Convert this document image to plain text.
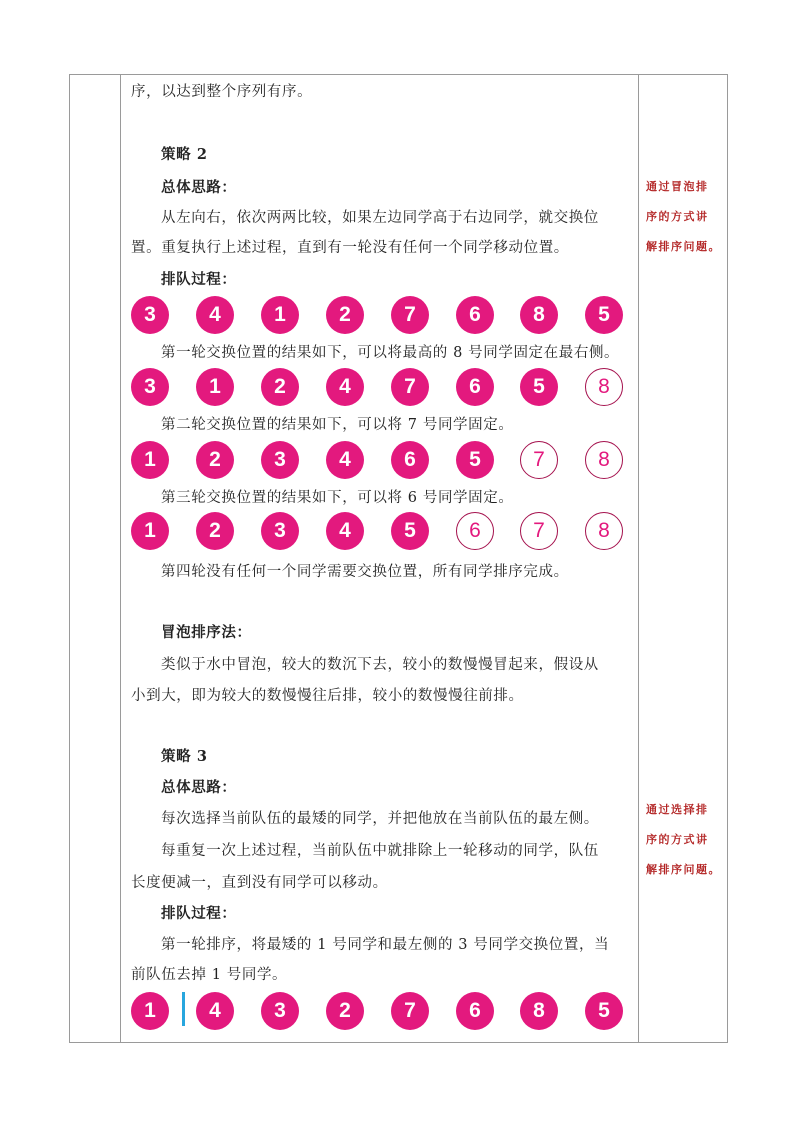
序，以达到整个序列有序。
策略 2
总体思路：
从左向右，依次两两比较，如果左边同学高于右边同学，就交换位
置。重复执行上述过程，直到有一轮没有任何一个同学移动位置。
排队过程：
3	4	1	2	7	6	8	5
第一轮交换位置的结果如下，可以将最高的 8 号同学固定在最右侧。
3	1	2	4	7	6	5	8
第二轮交换位置的结果如下，可以将 7 号同学固定。
1	2	3	4	6	5	7	8
第三轮交换位置的结果如下，可以将 6 号同学固定。
1	2	3	4	5	6	7	8
第四轮没有任何一个同学需要交换位置，所有同学排序完成。
冒泡排序法：
类似于水中冒泡，较大的数沉下去，较小的数慢慢冒起来，假设从
小到大，即为较大的数慢慢往后排，较小的数慢慢往前排。
策略 3
总体思路：
每次选择当前队伍的最矮的同学，并把他放在当前队伍的最左侧。
每重复一次上述过程，当前队伍中就排除上一轮移动的同学，队伍
长度便减一，直到没有同学可以移动。
排队过程：
第一轮排序，将最矮的 1 号同学和最左侧的 3 号同学交换位置，当
前队伍去掉 1 号同学。
1	4	3	2	7	6	8	5
通过冒泡排
序的方式讲
解排序问题。
通过选择排
序的方式讲
解排序问题。
